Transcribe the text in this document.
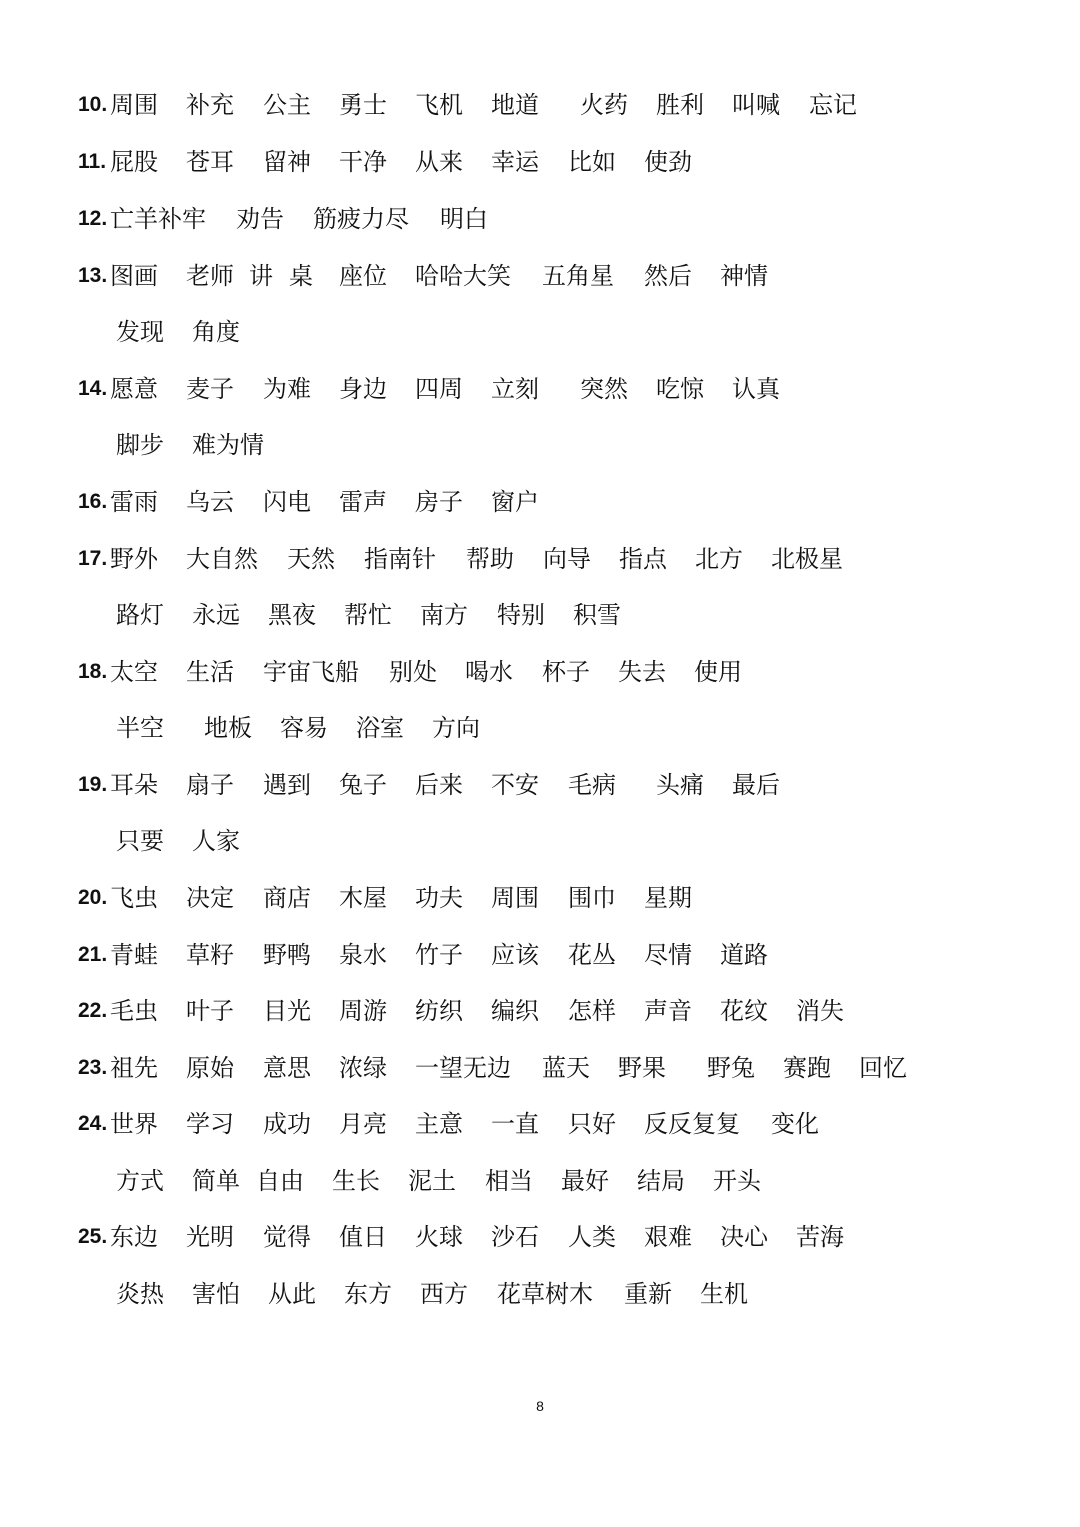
10. 周围 补充 公主 勇士 飞机 地道 火药 胜利 叫喊 忘记
11. 屁股 苍耳 留神 干净 从来 幸运 比如 使劲
12. 亡羊补牢 劝告 筋疲力尽 明白
13. 图画 老师 讲 桌 座位 哈哈大笑 五角星 然后 神情
发现 角度
14. 愿意 麦子 为难 身边 四周 立刻 突然 吃惊 认真
脚步 难为情
16. 雷雨 乌云 闪电 雷声 房子 窗户
17. 野外 大自然 天然 指南针 帮助 向导 指点 北方 北极星
路灯 永远 黑夜 帮忙 南方 特别 积雪
18. 太空 生活 宇宙飞船 别处 喝水 杯子 失去 使用
半空 地板 容易 浴室 方向
19. 耳朵 扇子 遇到 兔子 后来 不安 毛病 头痛 最后
只要 人家
20. 飞虫 决定 商店 木屋 功夫 周围 围巾 星期
21. 青蛙 草籽 野鸭 泉水 竹子 应该 花丛 尽情 道路
22. 毛虫 叶子 目光 周游 纺织 编织 怎样 声音 花纹 消失
23. 祖先 原始 意思 浓绿 一望无边 蓝天 野果 野兔 赛跑 回忆
24. 世界 学习 成功 月亮 主意 一直 只好 反反复复 变化
方式 简单 自由 生长 泥土 相当 最好 结局 开头
25. 东边 光明 觉得 值日 火球 沙石 人类 艰难 决心 苦海
炎热 害怕 从此 东方 西方 花草树木 重新 生机
8
